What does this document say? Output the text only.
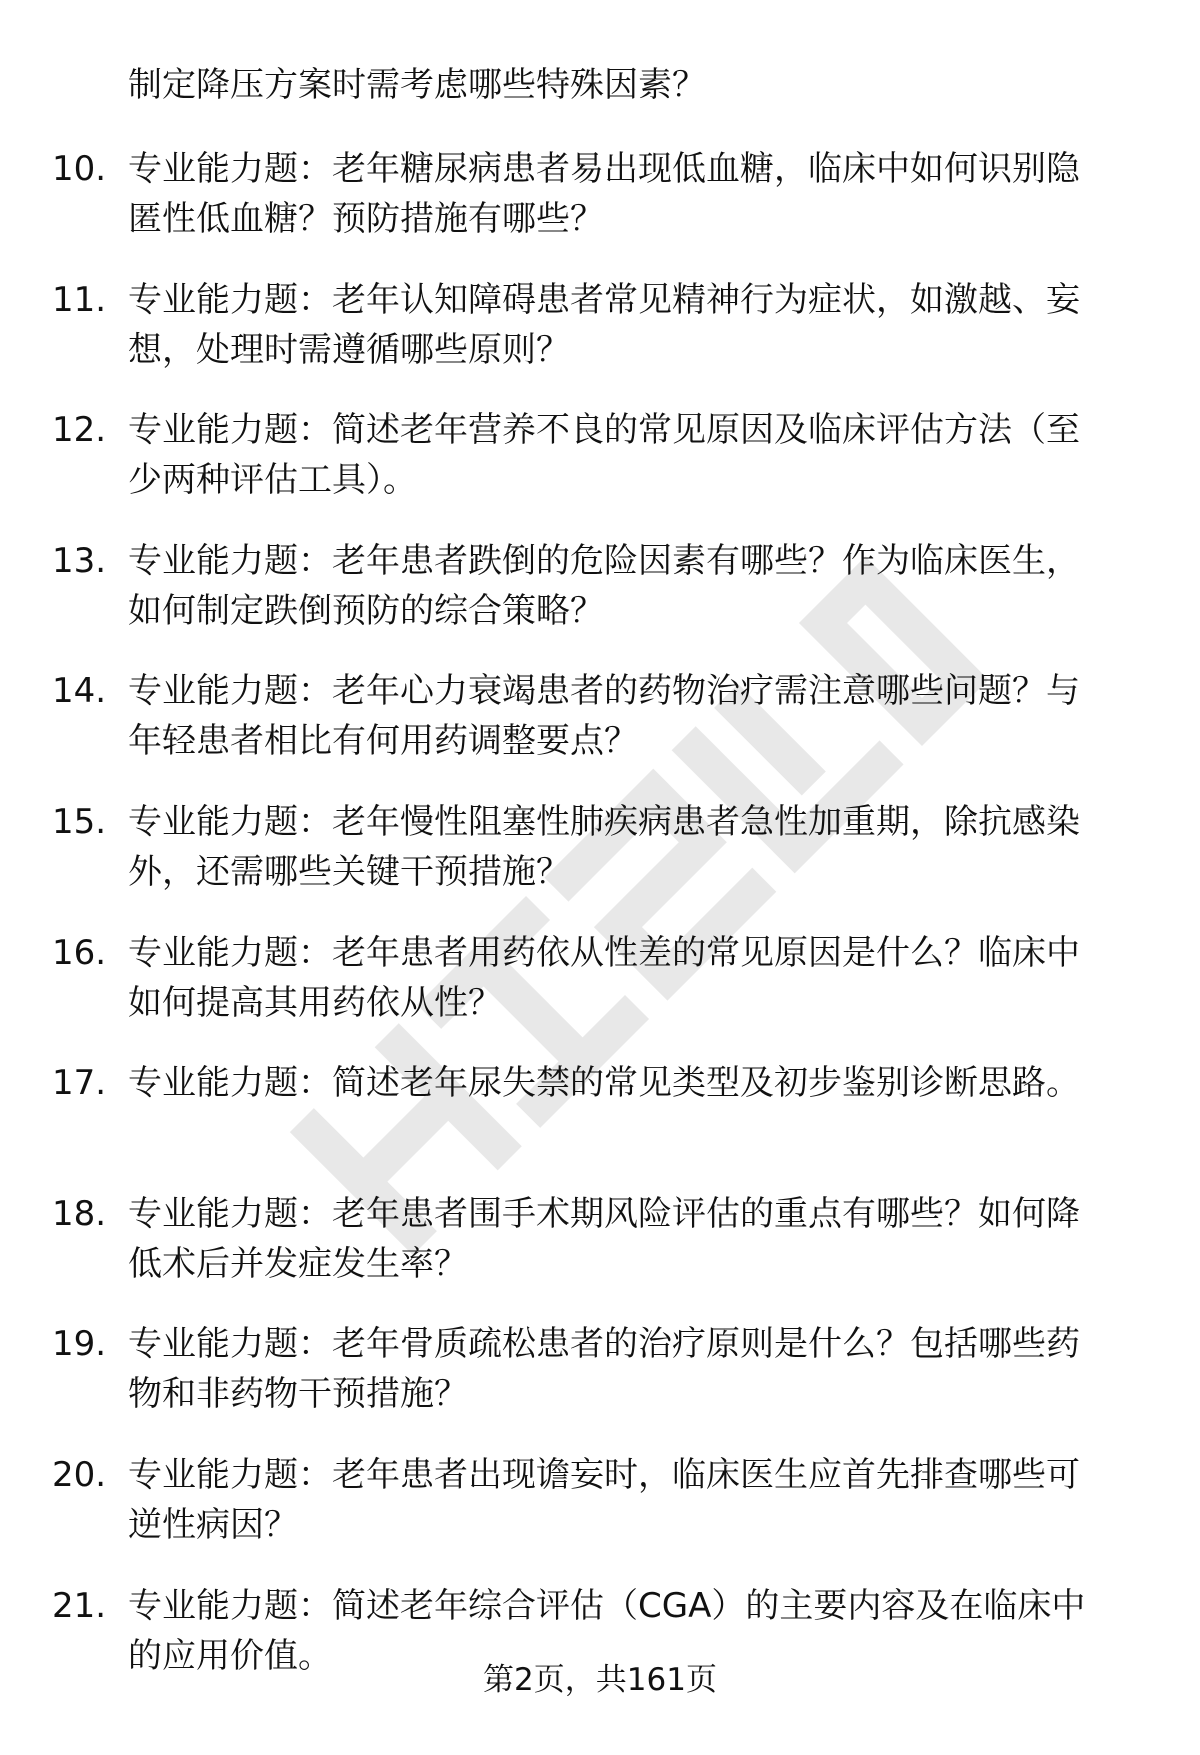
制定降压方案时需考虑哪些特殊因素？
10. 专业能力题：老年糖尿病患者易出现低血糖，临床中如何识别隐
匿性低血糖？预防措施有哪些？
11. 专业能力题：老年认知障碍患者常见精神行为症状，如激越、妄
想，处理时需遵循哪些原则？
12. 专业能力题：简述老年营养不良的常见原因及临床评估方法（至
少两种评估工具）。
13. 专业能力题：老年患者跌倒的危险因素有哪些？作为临床医生，
如何制定跌倒预防的综合策略？
14. 专业能力题：老年心力衰竭患者的药物治疗需注意哪些问题？与
年轻患者相比有何用药调整要点？
15. 专业能力题：老年慢性阻塞性肺疾病患者急性加重期，除抗感染
外，还需哪些关键干预措施？
16. 专业能力题：老年患者用药依从性差的常见原因是什么？临床中
如何提高其用药依从性？
17. 专业能力题：简述老年尿失禁的常见类型及初步鉴别诊断思路。
18. 专业能力题：老年患者围手术期风险评估的重点有哪些？如何降
低术后并发症发生率？
19. 专业能力题：老年骨质疏松患者的治疗原则是什么？包括哪些药
物和非药物干预措施？
20. 专业能力题：老年患者出现谵妄时，临床医生应首先排查哪些可
逆性病因？
21. 专业能力题：简述老年综合评估（CGA）的主要内容及在临床中
的应用价值。
第2页，共161页
